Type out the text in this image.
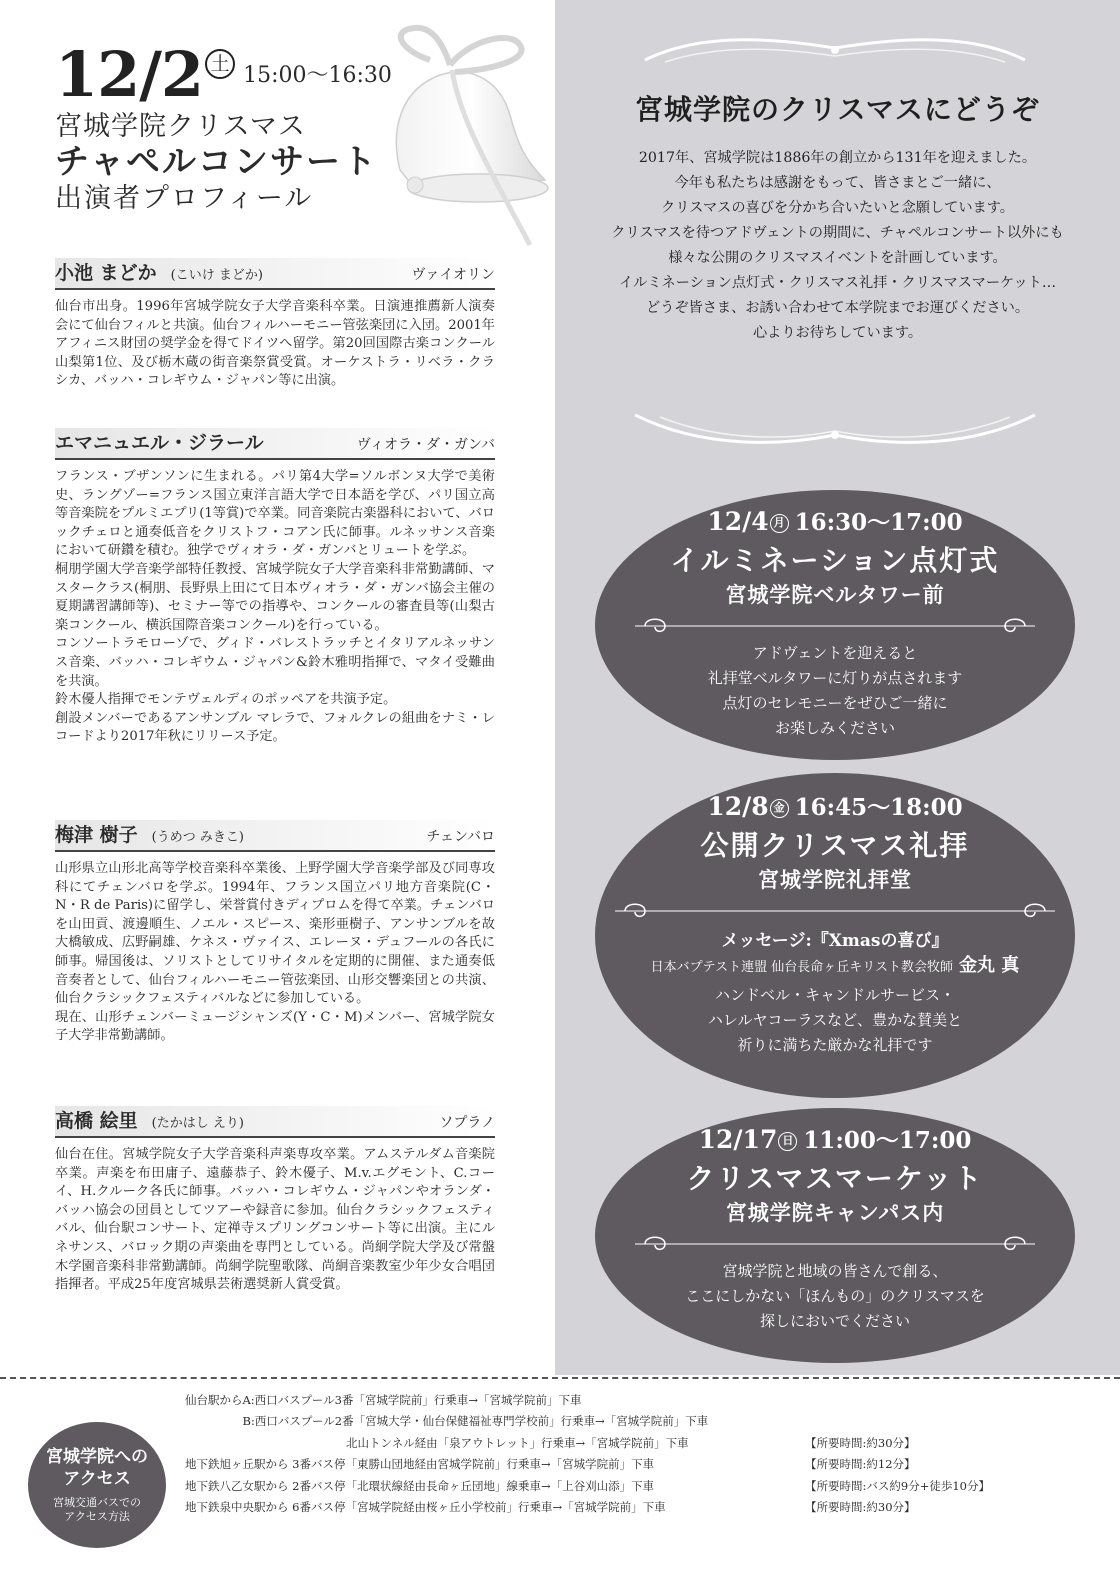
12/2 土 15:00〜16:30
宮城学院クリスマス
チャペルコンサート
出演者プロフィール
小池 まどか (こいけ まどか)	ヴァイオリン
仙台市出身。1996年宮城学院女子大学音楽科卒業。日演連推薦新人演奏会にて仙台フィルと共演。仙台フィルハーモニー管弦楽団に入団。2001年アフィニス財団の奨学金を得てドイツへ留学。第20回国際古楽コンクール山梨第1位、及び栃木蔵の街音楽祭賞受賞。オーケストラ・リベラ・クラシカ、バッハ・コレギウム・ジャパン等に出演。
エマニュエル・ジラール	ヴィオラ・ダ・ガンバ
フランス・ブザンソンに生まれる。パリ第4大学=ソルボンヌ大学で美術史、ラングゾー=フランス国立東洋言語大学で日本語を学び、パリ国立高等音楽院をプルミエプリ(1等賞)で卒業。同音楽院古楽器科において、バロックチェロと通奏低音をクリストフ・コアン氏に師事。ルネッサンス音楽において研鑽を積む。独学でヴィオラ・ダ・ガンバとリュートを学ぶ。
桐朋学園大学音楽学部特任教授、宮城学院女子大学音楽科非常勤講師、マスタークラス(桐朋、長野県上田にて日本ヴィオラ・ダ・ガンバ協会主催の夏期講習講師等)、セミナー等での指導や、コンクールの審査員等(山梨古楽コンクール、横浜国際音楽コンクール)を行っている。
コンソートラモローゾで、グィド・バレストラッチとイタリアルネッサンス音楽、バッハ・コレギウム・ジャパン&鈴木雅明指揮で、マタイ受難曲を共演。
鈴木優人指揮でモンテヴェルディのポッペアを共演予定。
創設メンバーであるアンサンブル マレラで、フォルクレの組曲をナミ・レコードより2017年秋にリリース予定。
梅津 樹子 (うめつ みきこ)	チェンバロ
山形県立山形北高等学校音楽科卒業後、上野学園大学音楽学部及び同専攻科にてチェンバロを学ぶ。1994年、フランス国立パリ地方音楽院(C・N・R de Paris)に留学し、栄誉賞付きディプロムを得て卒業。チェンバロを山田貢、渡邊順生、ノエル・スピース、楽形亜樹子、アンサンブルを故大橋敏成、広野嗣雄、ケネス・ヴァイス、エレーヌ・デュフールの各氏に師事。帰国後は、ソリストとしてリサイタルを定期的に開催、また通奏低音奏者として、仙台フィルハーモニー管弦楽団、山形交響楽団との共演、仙台クラシックフェスティバルなどに参加している。
現在、山形チェンバーミュージシャンズ(Y・C・M)メンバー、宮城学院女子大学非常勤講師。
高橋 絵里 (たかはし えり)	ソプラノ
仙台在住。宮城学院女子大学音楽科声楽専攻卒業。アムステルダム音楽院卒業。声楽を布田庸子、遠藤恭子、鈴木優子、M.v.エグモント、C.コーイ、H.クルーク各氏に師事。バッハ・コレギウム・ジャパンやオランダ・バッハ協会の団員としてツアーや録音に参加。仙台クラシックフェスティバル、仙台駅コンサート、定禅寺スプリングコンサート等に出演。主にルネサンス、バロック期の声楽曲を専門としている。尚絅学院大学及び常盤木学園音楽科非常勤講師。尚絅学院聖歌隊、尚絅音楽教室少年少女合唱団指揮者。平成25年度宮城県芸術選奨新人賞受賞。
宮城学院のクリスマスにどうぞ
2017年、宮城学院は1886年の創立から131年を迎えました。
今年も私たちは感謝をもって、皆さまとご一緒に、
クリスマスの喜びを分かち合いたいと念願しています。
クリスマスを待つアドヴェントの期間に、チャペルコンサート以外にも
様々な公開のクリスマスイベントを計画しています。
イルミネーション点灯式・クリスマス礼拝・クリスマスマーケット…
どうぞ皆さま、お誘い合わせて本学院までお運びください。
心よりお待ちしています。
12/4 月 16:30〜17:00
イルミネーション点灯式
宮城学院ベルタワー前
アドヴェントを迎えると
礼拝堂ベルタワーに灯りが点されます
点灯のセレモニーをぜひご一緒に
お楽しみください
12/8 金 16:45〜18:00
公開クリスマス礼拝
宮城学院礼拝堂
メッセージ:『Xmasの喜び』
日本バプテスト連盟 仙台長命ヶ丘キリスト教会牧師 金丸 真
ハンドベル・キャンドルサービス・
ハレルヤコーラスなど、豊かな賛美と
祈りに満ちた厳かな礼拝です
12/17 日 11:00〜17:00
クリスマスマーケット
宮城学院キャンパス内
宮城学院と地域の皆さんで創る、
ここにしかない「ほんもの」のクリスマスを
探しにおいでください
宮城学院への
アクセス
宮城交通バスでの
アクセス方法
仙台駅からA:西口バスプール3番「宮城学院前」行乗車→「宮城学院前」下車
　　　　　B:西口バスプール2番「宮城大学・仙台保健福祉専門学校前」行乗車→「宮城学院前」下車
　　　　　　　　　　　　　　北山トンネル経由「泉アウトレット」行乗車→「宮城学院前」下車	【所要時間:約30分】
地下鉄旭ヶ丘駅から 3番バス停「東勝山団地経由宮城学院前」行乗車→「宮城学院前」下車	【所要時間:約12分】
地下鉄八乙女駅から 2番バス停「北環状線経由長命ヶ丘団地」線乗車→「上谷刈山添」下車	【所要時間:バス約9分+徒歩10分】
地下鉄泉中央駅から 6番バス停「宮城学院経由桜ヶ丘小学校前」行乗車→「宮城学院前」下車	【所要時間:約30分】
